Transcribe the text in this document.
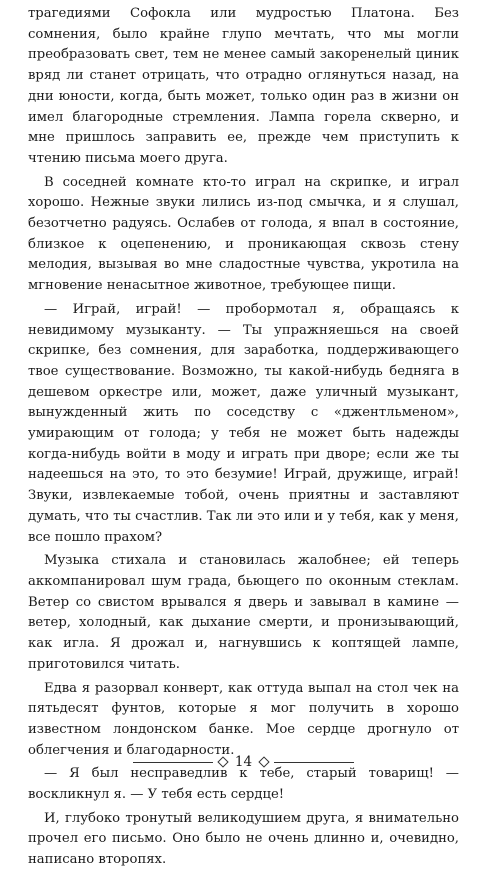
трагедиями Софокла или мудростью Платона. Без сомнения, было крайне глупо мечтать, что мы могли преобразовать свет, тем не менее самый закоренелый циник вряд ли станет отрицать, что отрадно оглянуться назад, на дни юности, когда, быть может, только один раз в жизни он имел благородные стремления. Лампа горела скверно, и мне пришлось заправить ее, прежде чем приступить к чтению письма моего друга.

В соседней комнате кто-то играл на скрипке, и играл хорошо. Нежные звуки лились из-под смычка, и я слушал, безотчетно радуясь. Ослабев от голода, я впал в состояние, близкое к оцепенению, и проникающая сквозь стену мелодия, вызывая во мне сладостные чувства, укротила на мгновение ненасытное животное, требующее пищи.

— Играй, играй! — пробормотал я, обращаясь к невидимому музыканту. — Ты упражняешься на своей скрипке, без сомнения, для заработка, поддерживающего твое существование. Возможно, ты какой-нибудь бедняга в дешевом оркестре или, может, даже уличный музыкант, вынужденный жить по соседству с «джентльменом», умирающим от голода; у тебя не может быть надежды когда-нибудь войти в моду и играть при дворе; если же ты надеешься на это, то это безумие! Играй, дружище, играй! Звуки, извлекаемые тобой, очень приятны и заставляют думать, что ты счастлив. Так ли это или и у тебя, как у меня, все пошло прахом?

Музыка стихала и становилась жалобнее; ей теперь аккомпанировал шум града, бьющего по оконным стеклам. Ветер со свистом врывался я дверь и завывал в камине — ветер, холодный, как дыхание смерти, и пронизывающий, как игла. Я дрожал и, нагнувшись к коптящей лампе, приготовился читать.

Едва я разорвал конверт, как оттуда выпал на стол чек на пятьдесят фунтов, которые я мог получить в хорошо известном лондонском банке. Мое сердце дрогнуло от облегчения и благодарности.

— Я был несправедлив к тебе, старый товарищ! — воскликнул я. — У тебя есть сердце!

И, глубоко тронутый великодушием друга, я внимательно прочел его письмо. Оно было не очень длинно и, очевидно, написано второпях.

14
